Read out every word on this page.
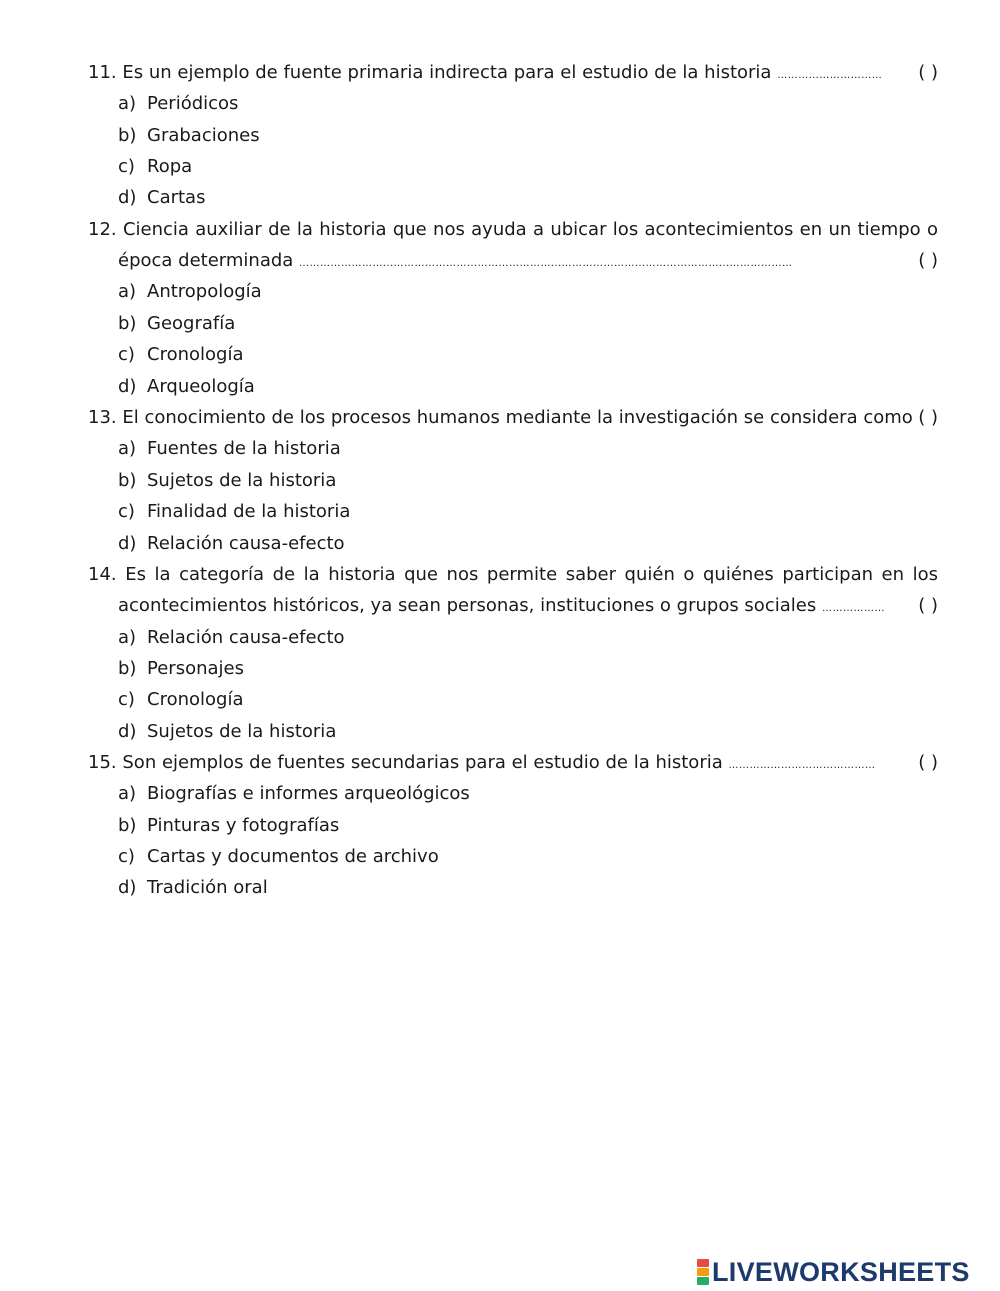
11. Es un ejemplo de fuente primaria indirecta para el estudio de la historia ………………………… ( )
a) Periódicos
b) Grabaciones
c) Ropa
d) Cartas
12. Ciencia auxiliar de la historia que nos ayuda a ubicar los acontecimientos en un tiempo o
época determinada ……………………………………………………………………………………………………………………………	( )
a) Antropología
b) Geografía
c) Cronología
d) Arqueología
13. El conocimiento de los procesos humanos mediante la investigación se considera como ( )
a) Fuentes de la historia
b) Sujetos de la historia
c) Finalidad de la historia
d) Relación causa-efecto
14. Es la categoría de la historia que nos permite saber quién o quiénes participan en los
acontecimientos históricos, ya sean personas, instituciones o grupos sociales ……………… ( )
a) Relación causa-efecto
b) Personajes
c) Cronología
d) Sujetos de la historia
15. Son ejemplos de fuentes secundarias para el estudio de la historia …………………………………… ( )
a) Biografías e informes arqueológicos
b) Pinturas y fotografías
c) Cartas y documentos de archivo
d) Tradición oral
LIVEWORKSHEETS
